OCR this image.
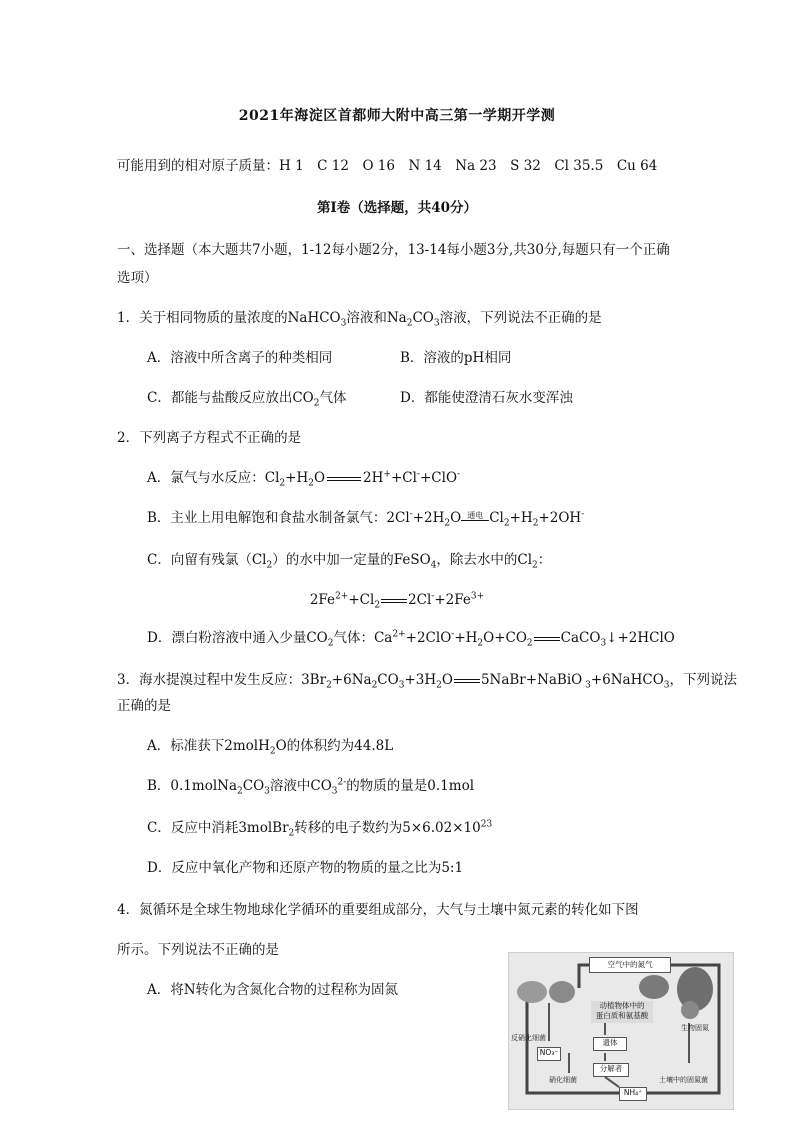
2021年海淀区首都师大附中高三第一学期开学测
可能用到的相对原子质量：H 1　C 12　O 16　N 14　Na 23　S 32　Cl 35.5　Cu 64
第Ⅰ卷（选择题，共40分）
一、选择题（本大题共7小题，1-12每小题2分，13-14每小题3分,共30分,每题只有一个正确
选项）
1．关于相同物质的量浓度的NaHCO$_3$溶液和$Na_2CO_3$溶液，下列说法不正确的是
A．溶液中所含离子的种类相同	B．溶液的pH相同
C．都能与盐酸反应放出$CO_2$气体	D．都能使澄清石灰水变浑浊
2．下列离子方程式不正确的是
A．氯气与水反应：$Cl_2+H_2O$	2H++Cl-+ClO-
B．主业上用电解饱和食盐水制备氯气：$2Cl^-+2H_2O$ 通电 $Cl_2+H_2+2OH^-$
C．向留有残氯$(Cl_2)$的水中加一定量的FeSO$_4$，除去水中的$Cl_2$：
$2Fe^{2+}+Cl_2$ $2Cl^-+2Fe^{3+}$
D．漂白粉溶液中通入少量$CO_2$气体：$Ca^{2+}+2ClO^-+H_2O+CO_2$ CaCO$_3$↓+2HClO
3．海水提溴过程中发生反应：$3Br_2+6Na_2CO_3+3H_2O$ 5NaBr+NaBiO $_3$+6NaHCO$_3$，下列说法
正确的是
A．标准获下2molH$_2$O的体积约为44.8L
B．$0.1molNa_2CO_3$溶液中$CO_3^{2-}$的物质的量是0.1mol
C．反应中消耗3molBr$_2$转移的电子数约为$5\times 6.02\times 10^{23}$
D．反应中氧化产物和还原产物的物质的量之比为5:1
4．氮循环是全球生物地球化学循环的重要组成部分，大气与土壤中氮元素的转化如下图
所示。下列说法不正确的是
A．将N转化为含氮化合物的过程称为固氮
空气中的氮气
动植物体中的
蛋白质和氨基酸
反硝化细菌
NO₃⁻
遗体
分解者
生物固氮
硝化细菌	土壤中的固氮菌
NH₄⁺
